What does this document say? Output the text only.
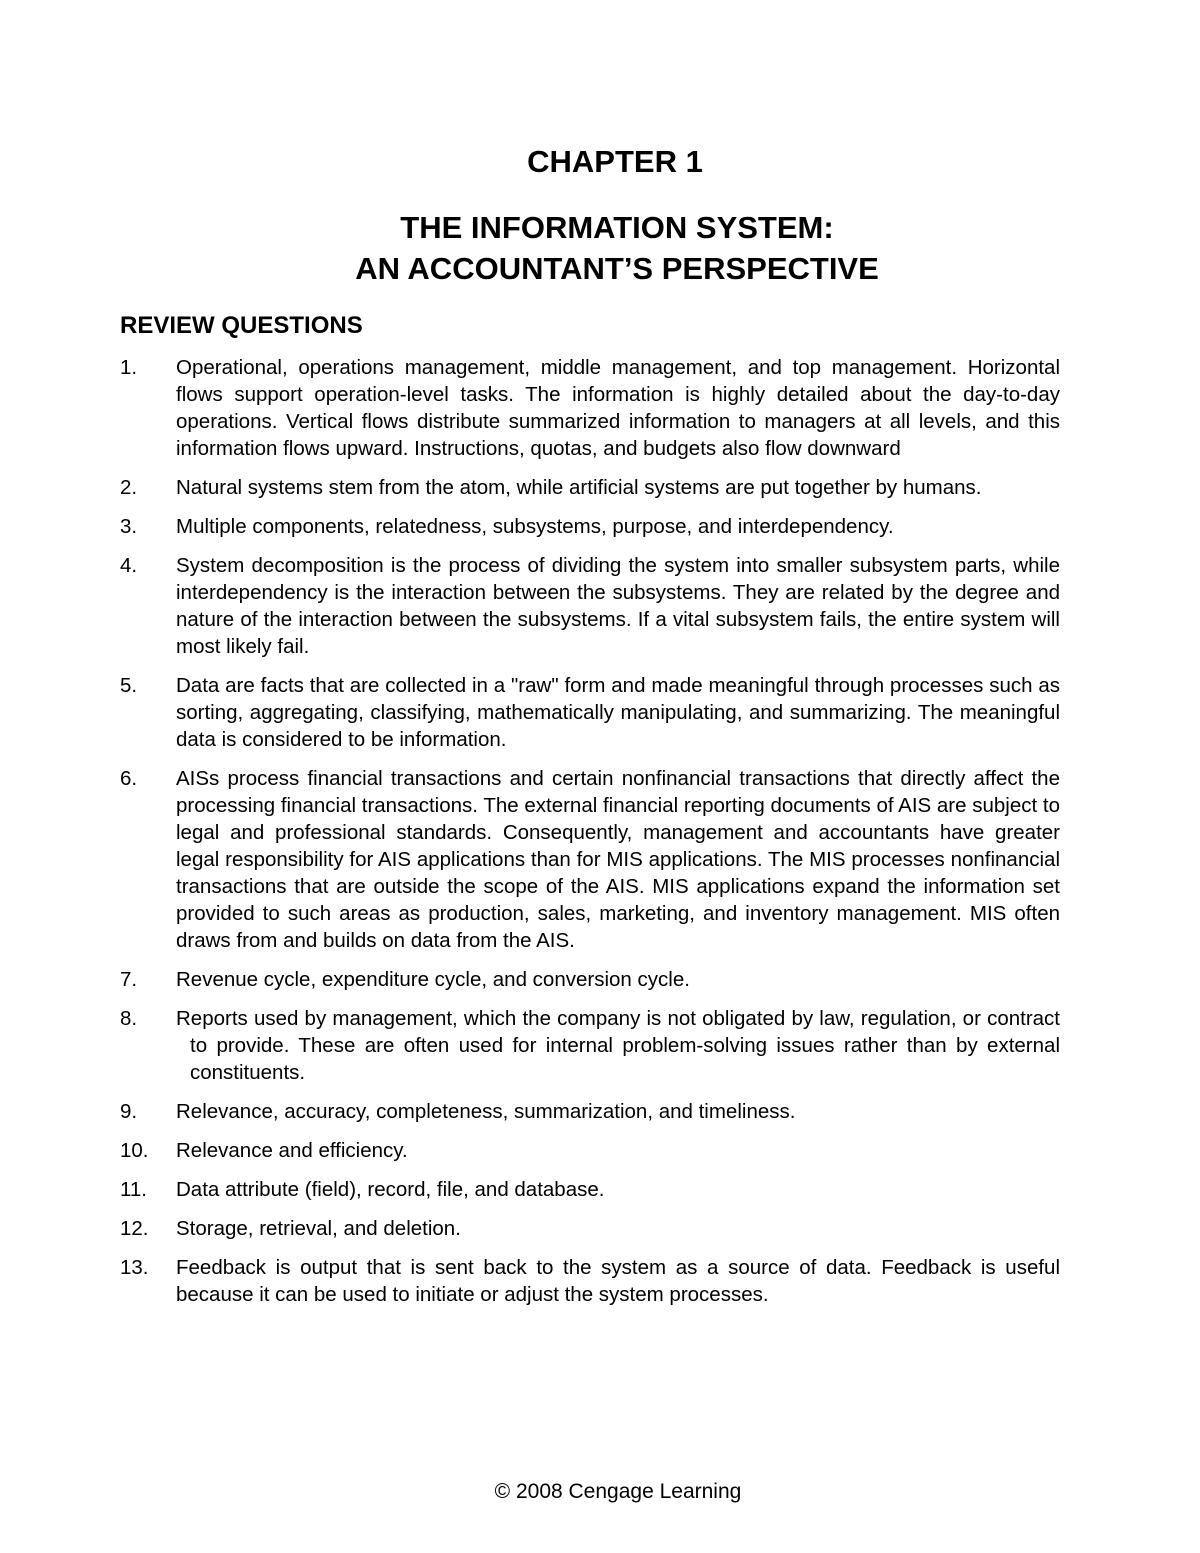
CHAPTER 1
THE INFORMATION SYSTEM:
AN ACCOUNTANT’S PERSPECTIVE
REVIEW QUESTIONS
1. Operational, operations management, middle management, and top management. Horizontal flows support operation-level tasks. The information is highly detailed about the day-to-day operations. Vertical flows distribute summarized information to managers at all levels, and this information flows upward. Instructions, quotas, and budgets also flow downward
2. Natural systems stem from the atom, while artificial systems are put together by humans.
3. Multiple components, relatedness, subsystems, purpose, and interdependency.
4. System decomposition is the process of dividing the system into smaller subsystem parts, while interdependency is the interaction between the subsystems. They are related by the degree and nature of the interaction between the subsystems. If a vital subsystem fails, the entire system will most likely fail.
5. Data are facts that are collected in a "raw" form and made meaningful through processes such as sorting, aggregating, classifying, mathematically manipulating, and summarizing. The meaningful data is considered to be information.
6. AISs process financial transactions and certain nonfinancial transactions that directly affect the processing financial transactions. The external financial reporting documents of AIS are subject to legal and professional standards. Consequently, management and accountants have greater legal responsibility for AIS applications than for MIS applications. The MIS processes nonfinancial transactions that are outside the scope of the AIS. MIS applications expand the information set provided to such areas as production, sales, marketing, and inventory management. MIS often draws from and builds on data from the AIS.
7. Revenue cycle, expenditure cycle, and conversion cycle.
8. Reports used by management, which the company is not obligated by law, regulation, or contract to provide. These are often used for internal problem-solving issues rather than by external constituents.
9. Relevance, accuracy, completeness, summarization, and timeliness.
10. Relevance and efficiency.
11. Data attribute (field), record, file, and database.
12. Storage, retrieval, and deletion.
13. Feedback is output that is sent back to the system as a source of data. Feedback is useful because it can be used to initiate or adjust the system processes.
© 2008 Cengage Learning
